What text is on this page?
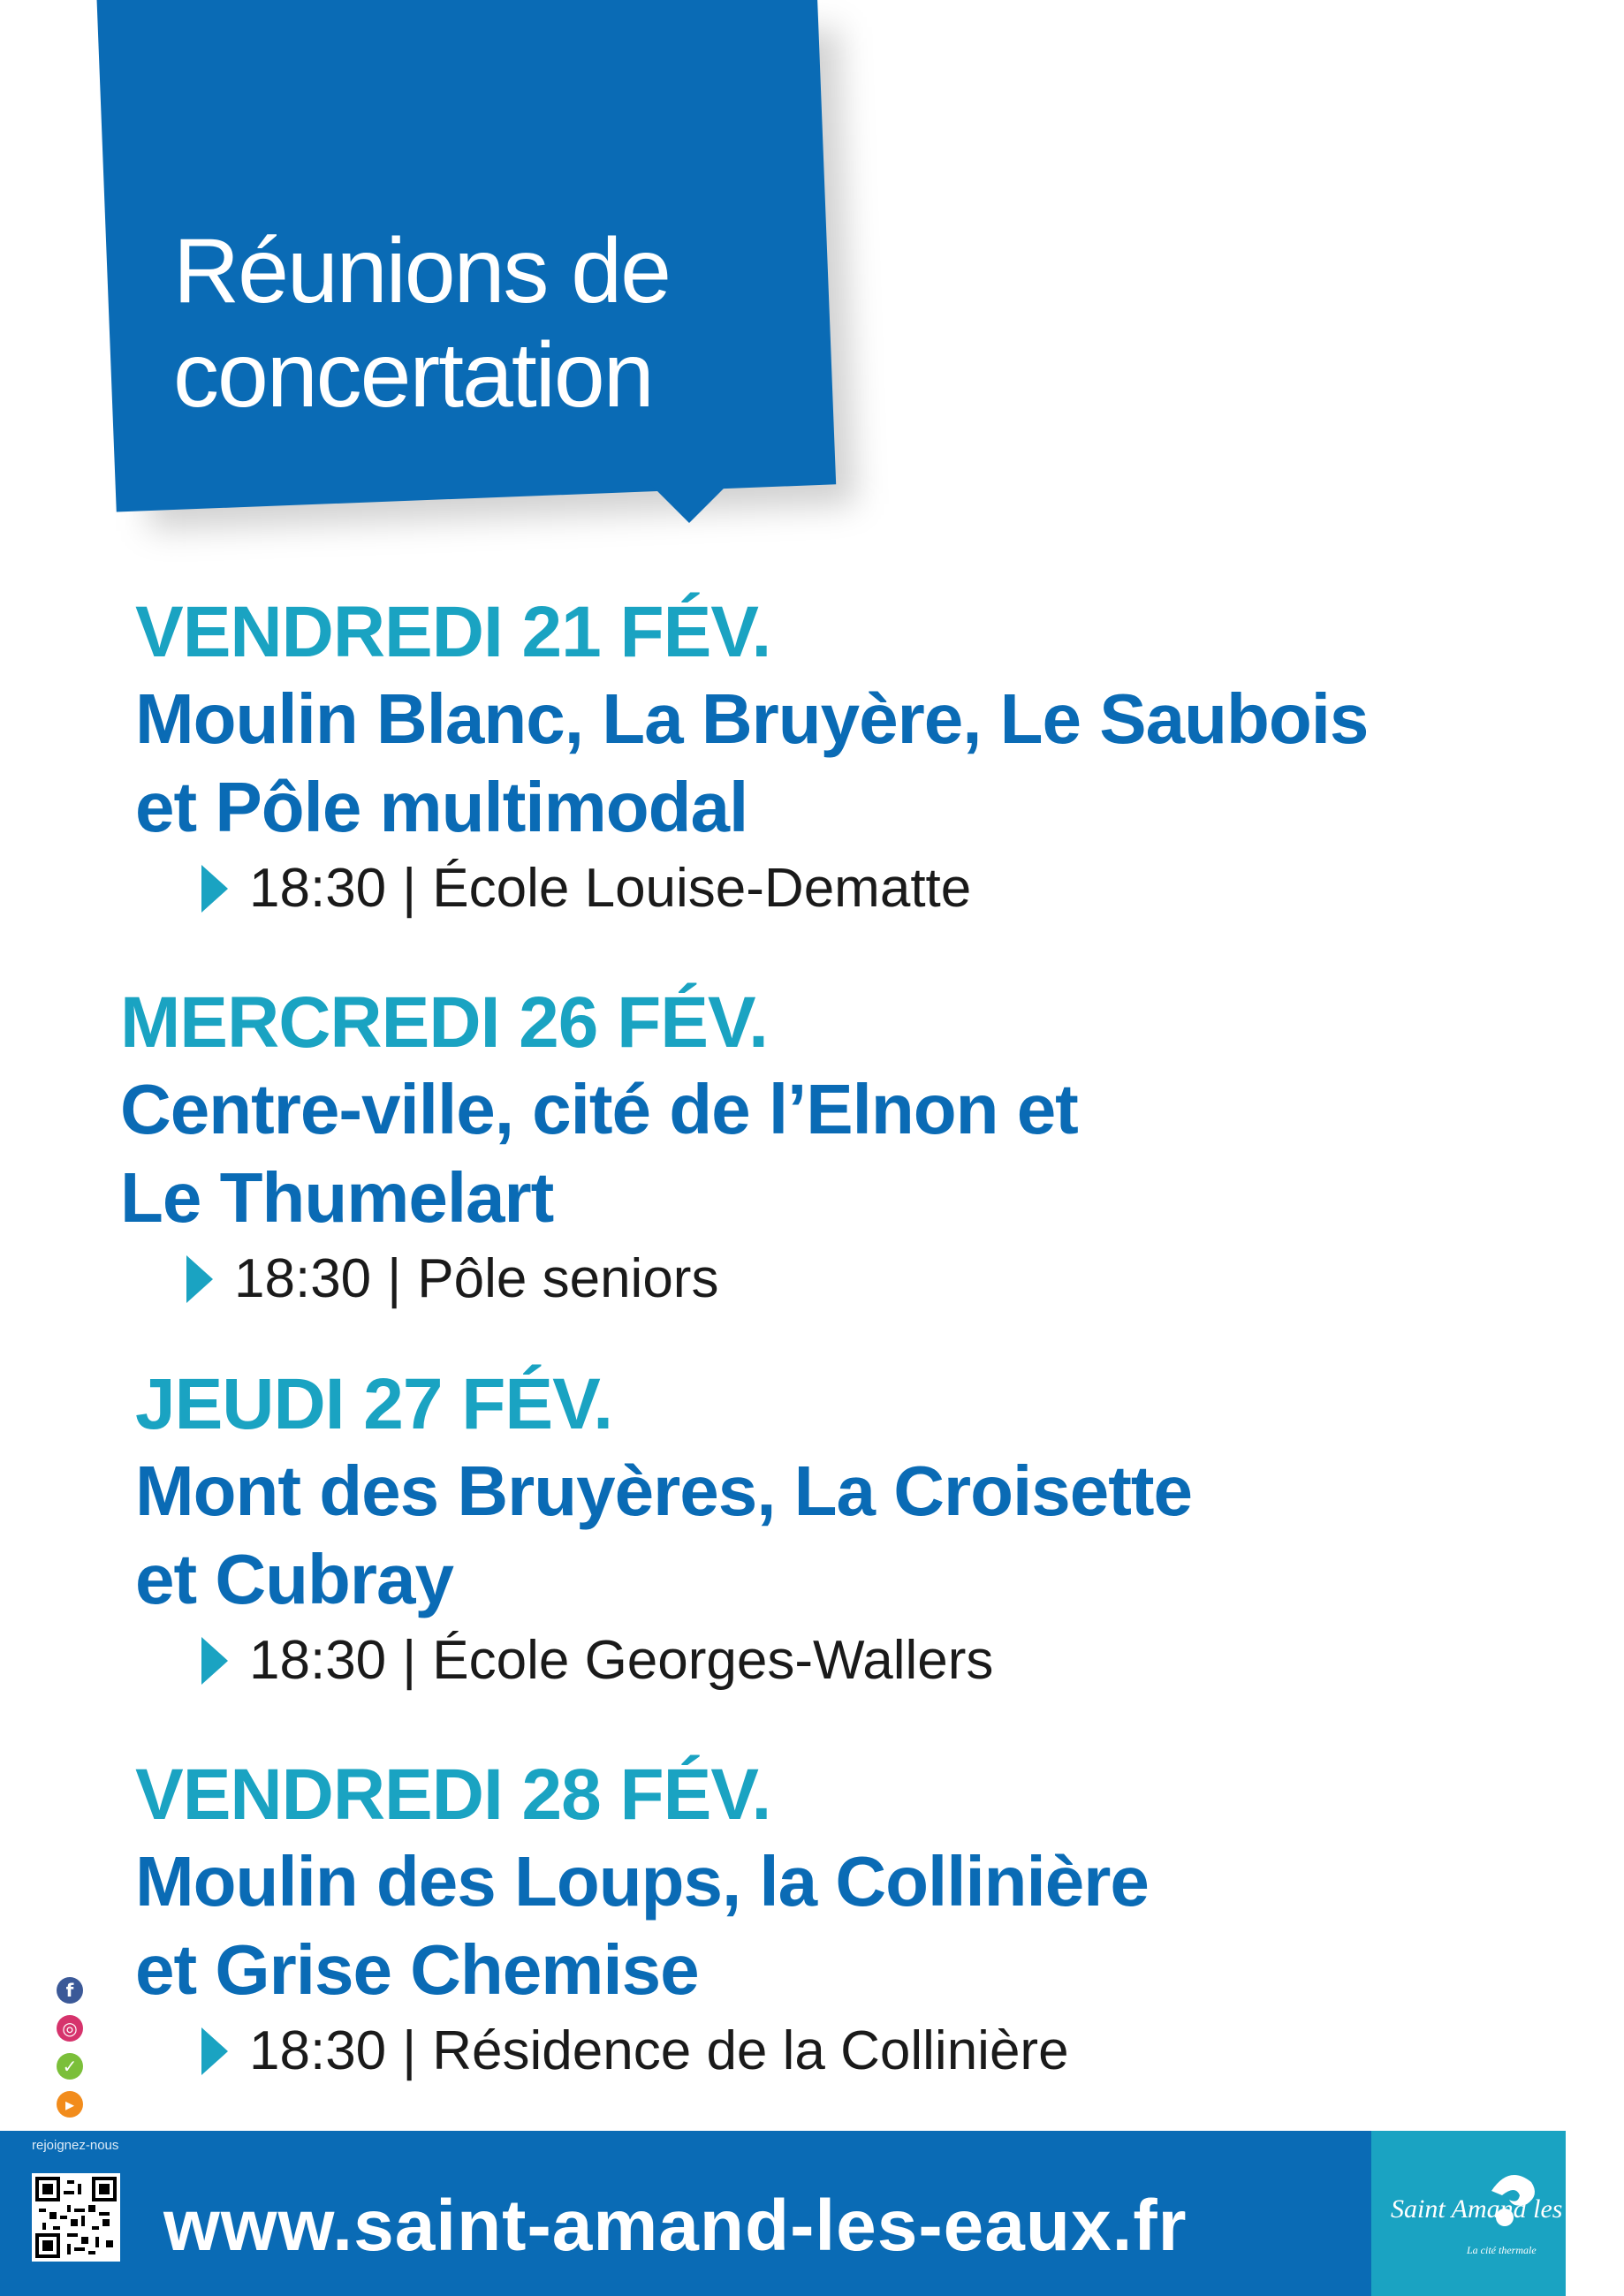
Réunions de
concertation
VENDREDI 21 FÉV.
Moulin Blanc, La Bruyère, Le Saubois
et Pôle multimodal
18:30 | École Louise-Dematte
MERCREDI 26 FÉV.
Centre-ville, cité de l’Elnon et
Le Thumelart
18:30 | Pôle seniors
JEUDI 27 FÉV.
Mont des Bruyères, La Croisette
et Cubray
18:30 | École Georges-Wallers
VENDREDI 28 FÉV.
Moulin des Loups, la Collinière
et Grise Chemise
18:30 | Résidence de la Collinière
f
◎
✓
▸
rejoignez-nous
www.saint-amand-les-eaux.fr	Saint Amand les Eaux
La cité thermale
